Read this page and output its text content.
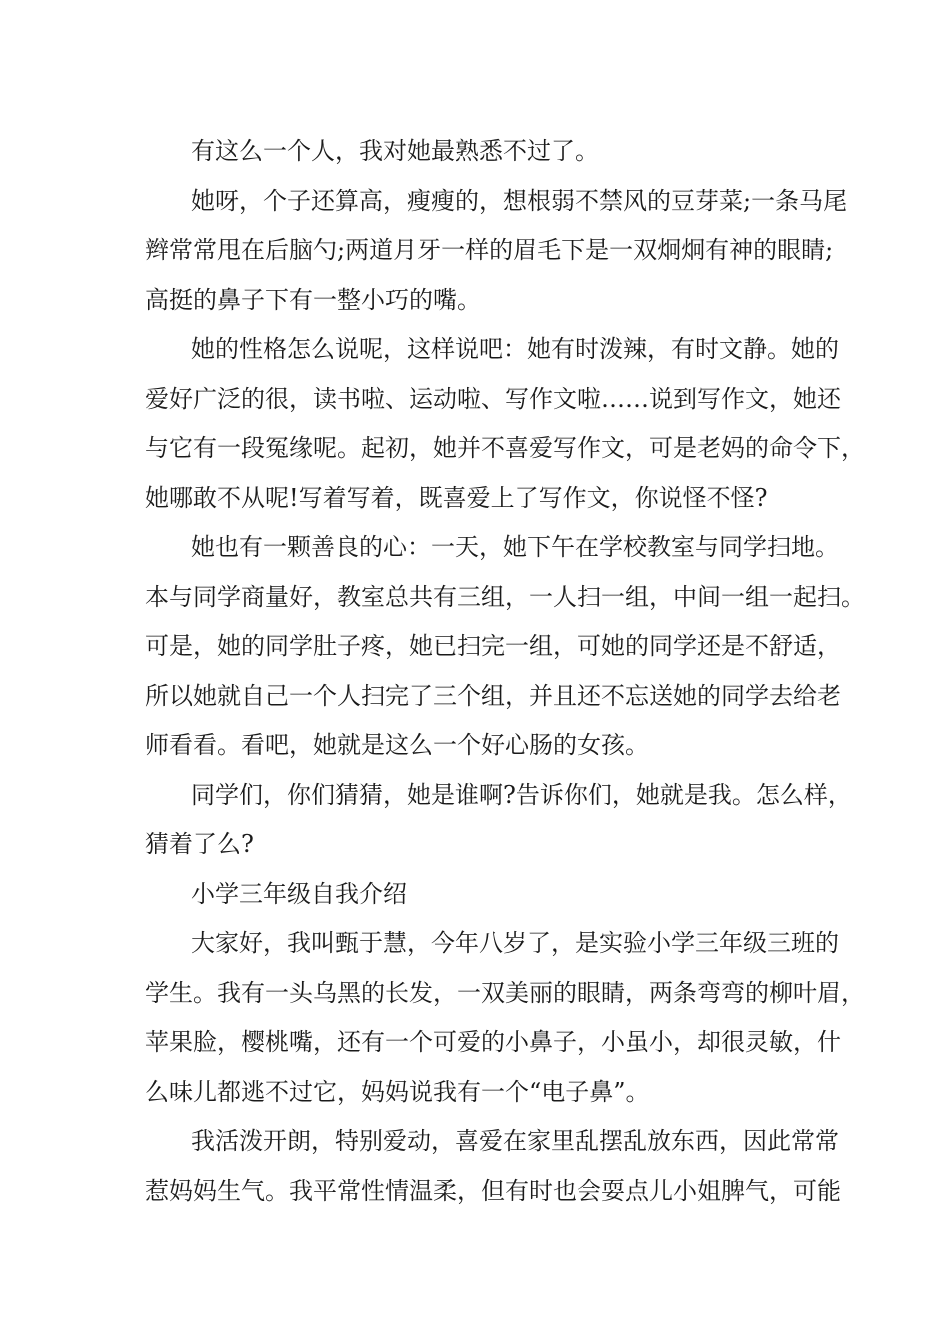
有这么一个人，我对她最熟悉不过了。
她呀，个子还算高，瘦瘦的，想根弱不禁风的豆芽菜;一条马尾
辫常常甩在后脑勺;两道月牙一样的眉毛下是一双炯炯有神的眼睛;
高挺的鼻子下有一整小巧的嘴。
她的性格怎么说呢，这样说吧：她有时泼辣，有时文静。她的
爱好广泛的很，读书啦、运动啦、写作文啦……说到写作文，她还
与它有一段冤缘呢。起初，她并不喜爱写作文，可是老妈的命令下，
她哪敢不从呢!写着写着，既喜爱上了写作文，你说怪不怪?
她也有一颗善良的心：一天，她下午在学校教室与同学扫地。
本与同学商量好，教室总共有三组，一人扫一组，中间一组一起扫。
可是，她的同学肚子疼，她已扫完一组，可她的同学还是不舒适，
所以她就自己一个人扫完了三个组，并且还不忘送她的同学去给老
师看看。看吧，她就是这么一个好心肠的女孩。
同学们，你们猜猜，她是谁啊?告诉你们，她就是我。怎么样，
猜着了么?
小学三年级自我介绍
大家好，我叫甄于慧，今年八岁了，是实验小学三年级三班的
学生。我有一头乌黑的长发，一双美丽的眼睛，两条弯弯的柳叶眉，
苹果脸，樱桃嘴，还有一个可爱的小鼻子，小虽小，却很灵敏，什
么味儿都逃不过它，妈妈说我有一个“电子鼻”。
我活泼开朗，特别爱动，喜爱在家里乱摆乱放东西，因此常常
惹妈妈生气。我平常性情温柔，但有时也会耍点儿小姐脾气，可能
